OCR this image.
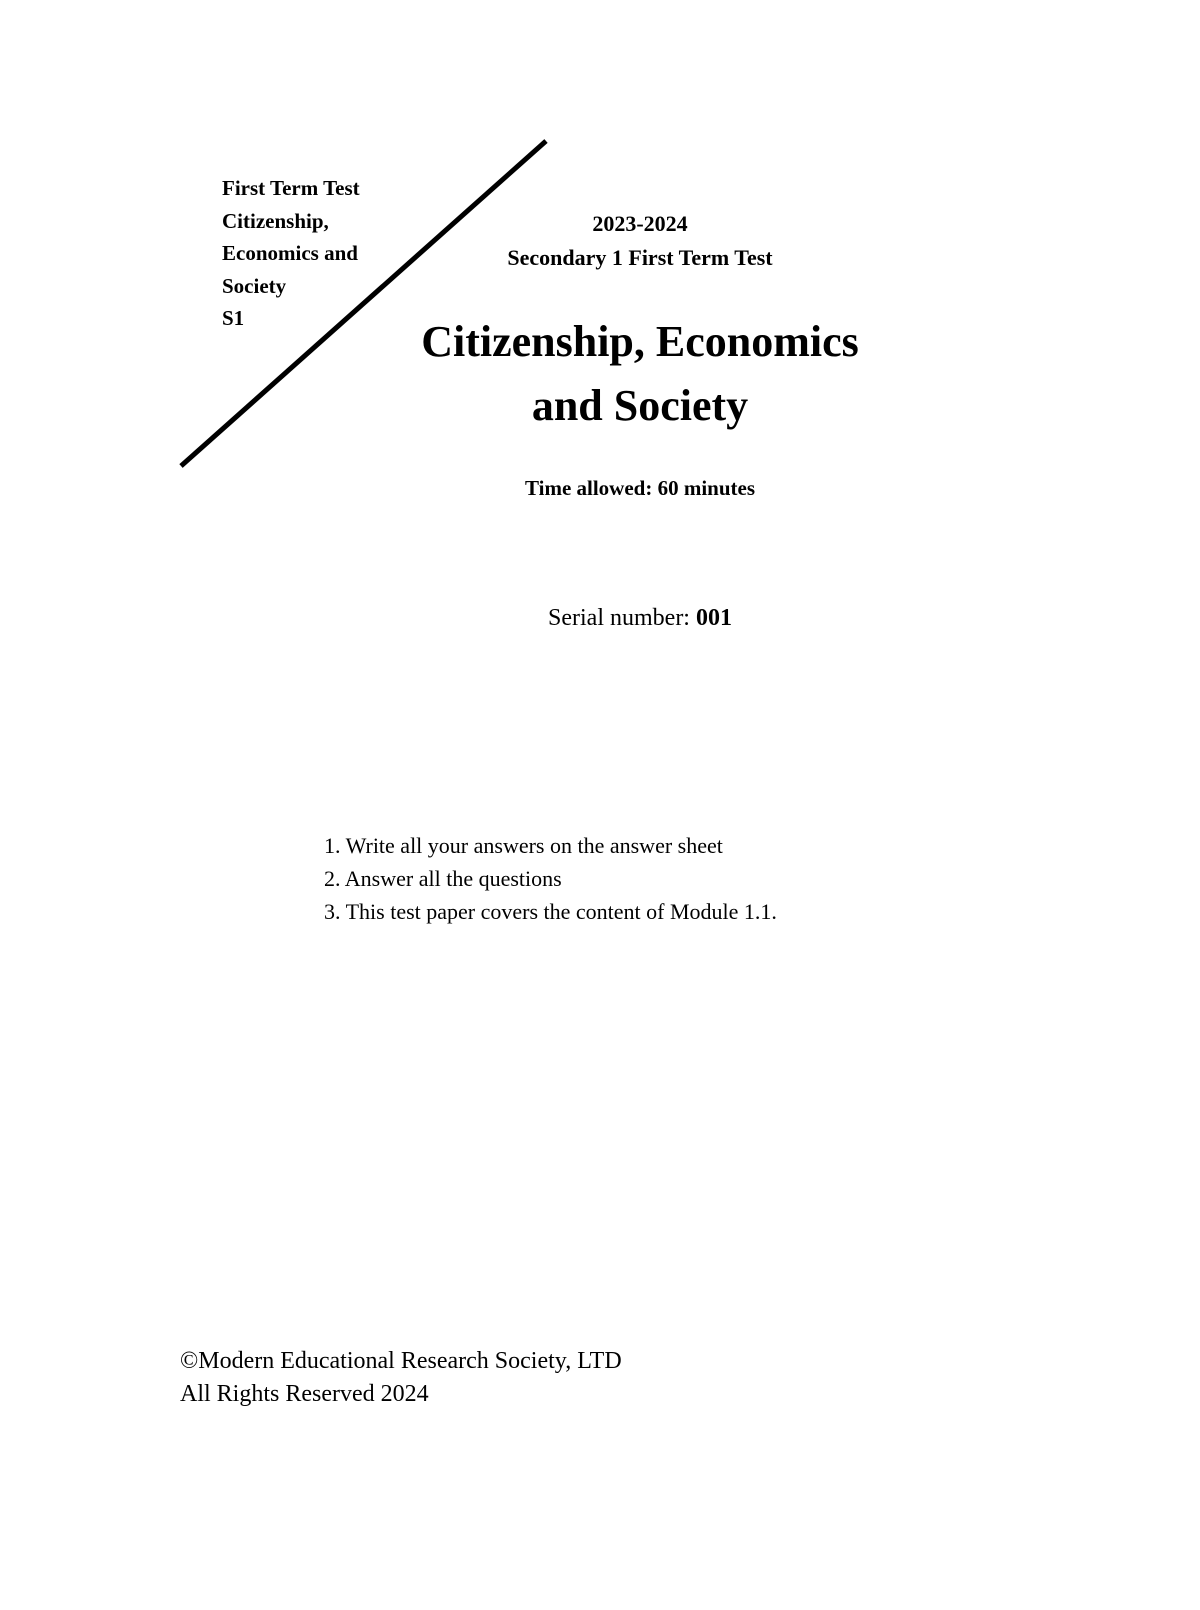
First Term Test
Citizenship,
Economics and
Society
S1
2023-2024
Secondary 1 First Term Test
Citizenship, Economics
and Society
Time allowed: 60 minutes
Serial number: 001
1. Write all your answers on the answer sheet
2. Answer all the questions
3. This test paper covers the content of Module 1.1.
©Modern Educational Research Society, LTD
All Rights Reserved 2024
